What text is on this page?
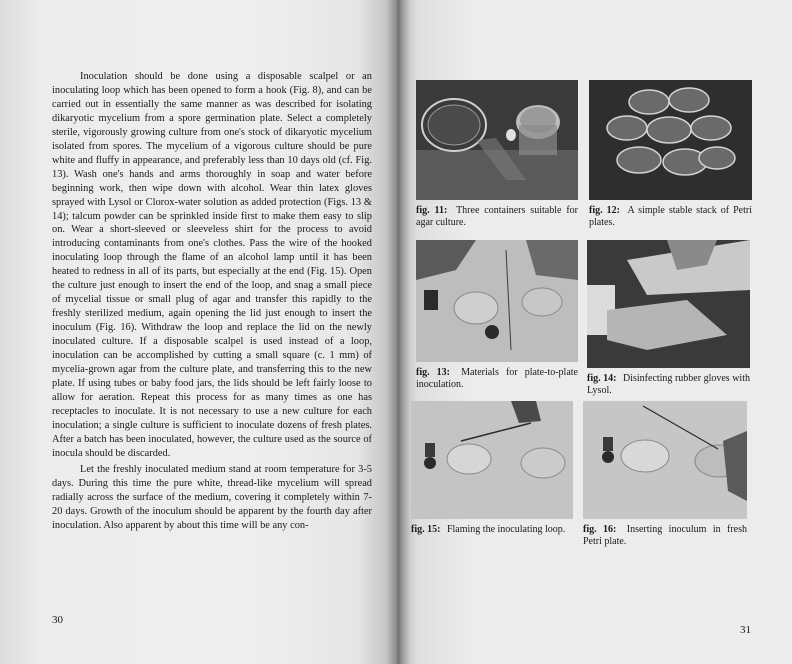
Inoculation should be done using a disposable scalpel or an inoculating loop which has been opened to form a hook (Fig. 8), and can be carried out in essentially the same manner as was described for isolating dikaryotic mycelium from a spore germination plate. Select a completely sterile, vigorously growing culture from one's stock of dikaryotic mycelium isolated from spores. The mycelium of a vigorous culture should be pure white and fluffy in appearance, and preferably less than 10 days old (cf. Fig. 13). Wash one's hands and arms thoroughly in soap and water before beginning work, then wipe down with alcohol. Wear thin latex gloves sprayed with Lysol or Clorox-water solution as added protection (Figs. 13 & 14); talcum powder can be sprinkled inside first to make them easy to slip on. Wear a short-sleeved or sleeveless shirt for the process to avoid introducing contaminants from one's clothes. Pass the wire of the hooked inoculating loop through the flame of an alcohol lamp until it has been heated to redness in all of its parts, but especially at the end (Fig. 15). Open the culture just enough to insert the end of the loop, and snag a small piece of mycelial tissue or small plug of agar and transfer this rapidly to the freshly sterilized medium, again opening the lid just enough to insert the inoculum (Fig. 16). Withdraw the loop and replace the lid on the newly inoculated culture. If a disposable scalpel is used instead of a loop, inoculation can be accomplished by cutting a small square (c. 1 mm) of mycelia-grown agar from the culture plate, and transferring this to the new plate. If using tubes or baby food jars, the lids should be left fairly loose to allow for aeration. Repeat this process for as many times as one has receptacles to inoculate. It is not necessary to use a new culture for each inoculation; a single culture is sufficient to inoculate dozens of fresh plates. After a batch has been inoculated, however, the culture used as the source of inocula should be discarded.

Let the freshly inoculated medium stand at room temperature for 3-5 days. During this time the pure white, thread-like mycelium will spread radially across the surface of the medium, covering it completely within 7-20 days. Growth of the inoculum should be apparent by the fourth day after inoculation. Also apparent by about this time will be any con-

30
fig. 11: Three containers suitable for agar culture.
fig. 12: A simple stable stack of Petri plates.
fig. 13: Materials for plate-to-plate inoculation.	fig. 14: Disinfecting rubber gloves with Lysol.
fig. 15: Flaming the inoculating loop.	fig. 16: Inserting inoculum in fresh Petri plate.
31
